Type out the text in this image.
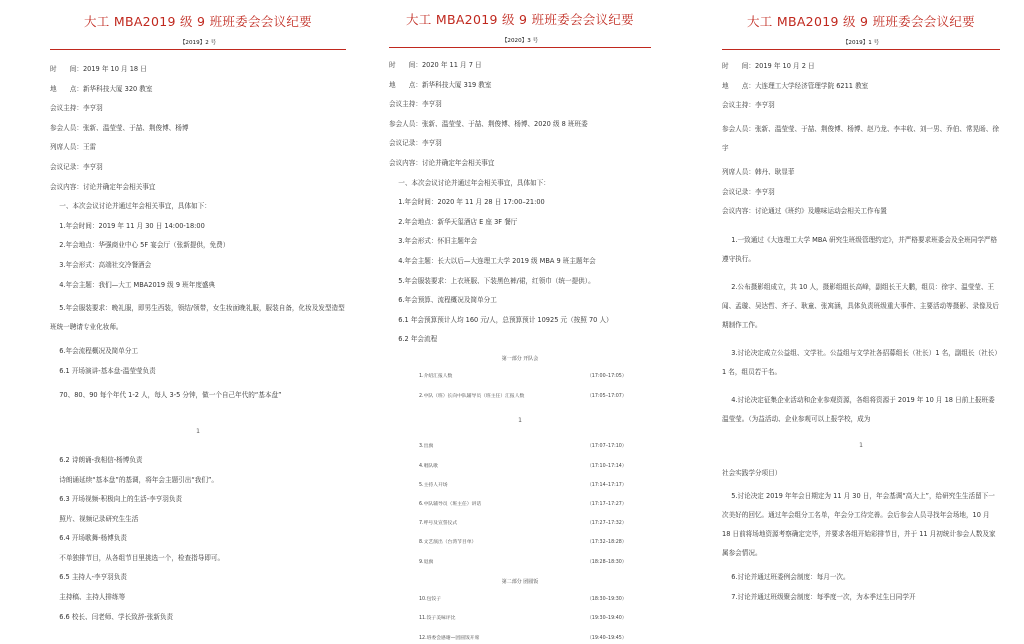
大工 MBA2019 级 9 班班委会会议纪要
【2019】2 号
时　　间：2019 年 10 月 18 日
地　　点：新华科技大厦 320 教室
会议主持：李亨羽
参会人员：张新、温莹莹、于喆、荆俊博、杨博
列席人员：王雷
会议记录：李亨羽
会议内容：讨论并确定年会相关事宜
一、本次会议讨论并通过年会相关事宜，具体如下：
1.年会时间：2019 年 11 月 30 日 14:00-18:00
2.年会地点：华强商业中心 5F 宴会厅（张新提供，免费）
3.年会形式：高端社交冷餐酒会
4.年会主题：我们—大工 MBA2019 级 9 班年度盛典
5.年会服装要求：晚礼服，即男生西装，领结/领带，女生妆面晚礼服，服装自备，化妆及发型造型班统一聘请专业化妆师。
6.年会流程概况及简单分工
6.1 开场演讲-基本盘-温莹莹负责
70、80、90 每个年代 1-2 人，每人 3-5 分钟，做一个自己年代的“基本盘”
1
6.2 诗朗诵-我相信-杨博负责
诗朗诵延续“基本盘”的基调，将年会主题引出“我们”。
6.3 开场视频-积极向上的生活-李亨羽负责
照片、视频记录研究生生活
6.4 开场歌舞-杨博负责
不单独排节目，从各组节目里挑选一个，检查指导即可。
6.5 主持人-李亨羽负责
主持稿、主持人排练等
6.6 校长、闫老师、学长致辞-张新负责
大工 MBA2019 级 9 班班委会会议纪要
【2020】3 号
时　　间：2020 年 11 月 7 日
地　　点：新华科技大厦 319 教室
会议主持：李亨羽
参会人员：张新、温莹莹、于喆、荆俊博、杨博、2020 级 8 班班委
会议记录：李亨羽
会议内容：讨论并确定年会相关事宜
一、本次会议讨论并通过年会相关事宜，具体如下：
1.年会时间：2020 年 11 月 28 日 17:00–21:00
2.年会地点：新华天玺酒店 E 座 3F 餐厅
3.年会形式：怀旧主题年会
4.年会主题：长大以后—大连理工大学 2019 级 MBA 9 班主题年会
5.年会服装要求：上衣班服、下装黑色裤/裙，红领巾（统一提供）。
6.年会预算、流程概况及简单分工
6.1 年会预算预计人均 160 元/人，总预算预计 10925 元（按照 70 人）
6.2 年会流程
第一部分 开队会
1.介绍汇报人数	（17:00–17:05）
2.中队（班）长向中队辅导员（班主任）汇报人数	（17:05–17:07）
1
3.出旗	（17:07–17:10）
4.唱队歌	（17:10–17:14）
5.主持人开场	（17:14–17:17）
6.中队辅导员（班主任）讲话	（17:17–17:27）
7.呼号及宣誓仪式	（17:27–17:32）
8.文艺演出（台湾节目单）	（17:32–18:28）
9.退旗	（18:28–18:30）
第二部分 团圆饭
10.包饺子	（18:30–19:30）
11.饺子美味评比	（19:30–19:40）
12.班委会感谢—团圆饭开席	（19:40–19:45）
大工 MBA2019 级 9 班班委会会议纪要
【2019】1 号
时　　间：2019 年 10 月 2 日
地　　点：大连理工大学经济管理学院 6211 教室
会议主持：李亨羽
参会人员：张新、温莹莹、于喆、荆俊博、杨博、赵乃龙、李丰收、刘一男、乔伯、常晃旸、徐宇
列席人员：韩丹、耿显菲
会议记录：李亨羽
会议内容：讨论通过《班约》及趣味运动会相关工作布置
1.一致通过《大连理工大学 MBA 研究生班级管理约定》，并严格要求班委会及全班同学严格遵守执行。
2.公布摄影组成立，共 10 人，摄影组组长高峰，副组长王大鹏，组员：徐宇、温莹莹、王闻、孟璇、吴达哲、齐子、耿童、张寓涵，具体负责班级重大事件、主要活动等摄影、录像及后期制作工作。
3.讨论决定成立公益组、文学社。公益组与文学社各招募组长（社长）1 名，副组长（社长）1 名，组员若干名。
4.讨论决定征集企业活动和企业参观资源，各组将资源于 2019 年 10 月 18 日前上报班委温莹莹。（为益活动、企业参观可以上报学校，成为
1
社会实践学分项目）
5.讨论决定 2019 年年会日期定为 11 月 30 日，年会基调“高大上”，给研究生生活留下一次美好的回忆。通过年会组分工名单，年会分工待完善。会后参会人员寻找年会场地，10 月 18 日前将场地资源考察确定完毕，并要求各组开始彩排节目，并于 11 月初统计参会人数及家属参会情况。
6.讨论并通过班委例会制度：每月一次。
7.讨论并通过班级聚会制度：每季度一次，为本季过生日同学开
